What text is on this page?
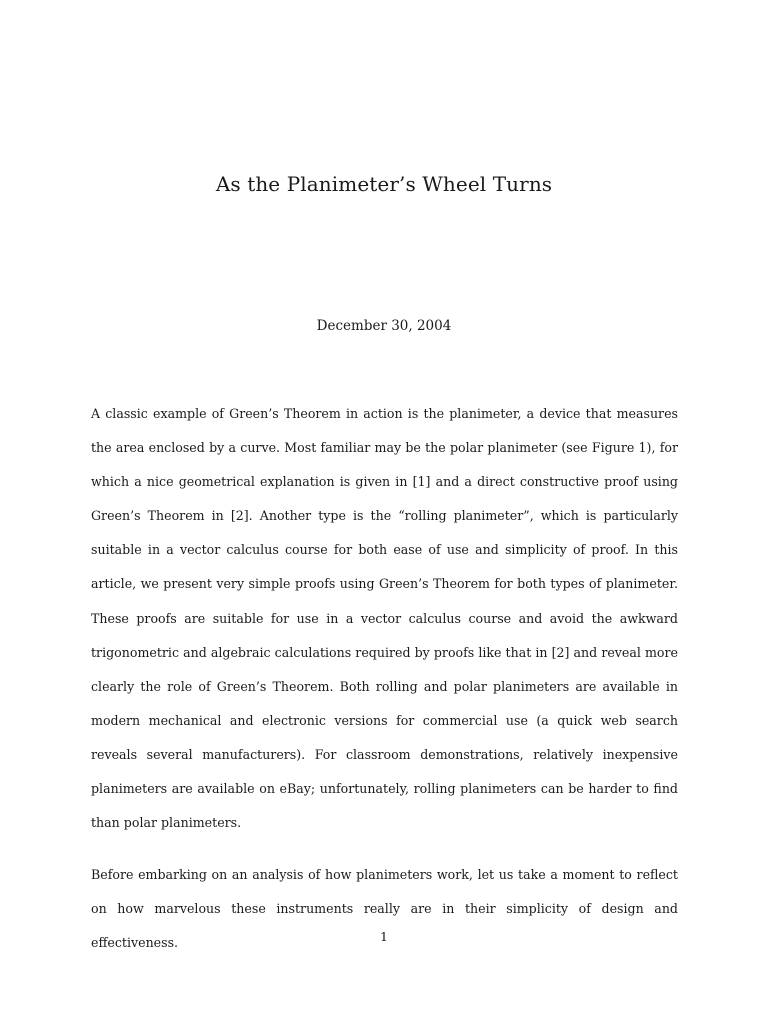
As the Planimeter’s Wheel Turns

December 30, 2004

A classic example of Green’s Theorem in action is the planimeter, a device that measures the area enclosed by a curve. Most familiar may be the polar planimeter (see Figure 1), for which a nice geometrical explanation is given in [1] and a direct constructive proof using Green’s Theorem in [2]. Another type is the “rolling planimeter”, which is particularly suitable in a vector calculus course for both ease of use and simplicity of proof. In this article, we present very simple proofs using Green’s Theorem for both types of planimeter. These proofs are suitable for use in a vector calculus course and avoid the awkward trigonometric and algebraic calculations required by proofs like that in [2] and reveal more clearly the role of Green’s Theorem. Both rolling and polar planimeters are available in modern mechanical and electronic versions for commercial use (a quick web search reveals several manufacturers). For classroom demonstrations, relatively inexpensive planimeters are available on eBay; unfortunately, rolling planimeters can be harder to find than polar planimeters.

Before embarking on an analysis of how planimeters work, let us take a moment to reflect on how marvelous these instruments really are in their simplicity of design and effectiveness.	1
